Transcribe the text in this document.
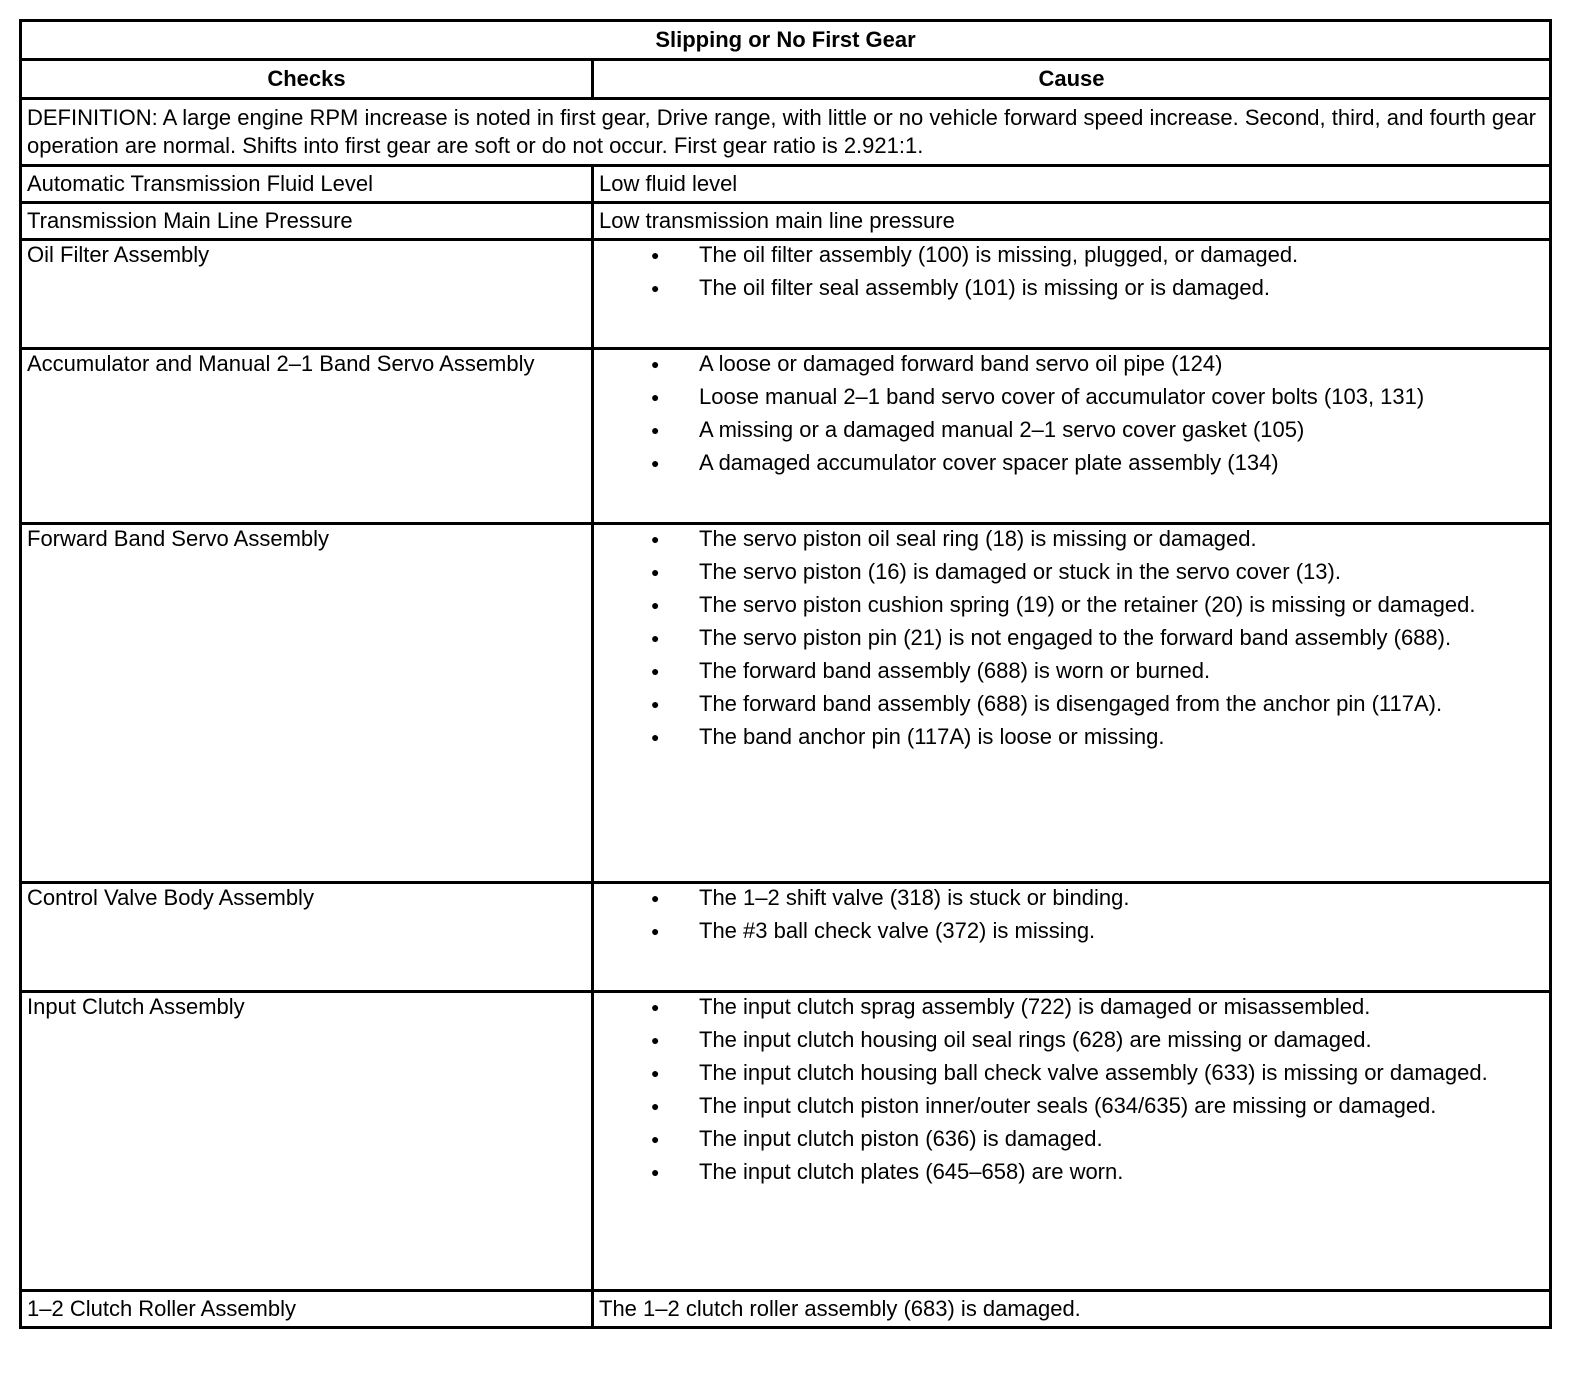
Slipping or No First Gear	
Checks	Cause
DEFINITION: A large engine RPM increase is noted in first gear, Drive range, with little or no vehicle forward speed increase. Second, third, and fourth gear operation are normal. Shifts into first gear are soft or do not occur. First gear ratio is 2.921:1.	
Automatic Transmission Fluid Level	Low fluid level
Transmission Main Line Pressure	Low transmission main line pressure
Oil Filter Assembly	
●The oil filter assembly (100) is missing, plugged, or damaged.
● The oil filter seal assembly (101) is missing or is damaged.

Accumulator and Manual 2–1 Band Servo Assembly	
●A loose or damaged forward band servo oil pipe (124)
● Loose manual 2–1 band servo cover of accumulator cover bolts (103, 131)
● A missing or a damaged manual 2–1 servo cover gasket (105)
● A damaged accumulator cover spacer plate assembly (134)

Forward Band Servo Assembly	
●The servo piston oil seal ring (18) is missing or damaged.
● The servo piston (16) is damaged or stuck in the servo cover (13).
● The servo piston cushion spring (19) or the retainer (20) is missing or damaged.
● The servo piston pin (21) is not engaged to the forward band assembly (688).
● The forward band assembly (688) is worn or burned.
● The forward band assembly (688) is disengaged from the anchor pin (117A).
● The band anchor pin (117A) is loose or missing.

Control Valve Body Assembly	
●The 1–2 shift valve (318) is stuck or binding.
● The #3 ball check valve (372) is missing.

Input Clutch Assembly	
●The input clutch sprag assembly (722) is damaged or misassembled.
● The input clutch housing oil seal rings (628) are missing or damaged.
● The input clutch housing ball check valve assembly (633) is missing or damaged.
● The input clutch piston inner/outer seals (634/635) are missing or damaged.
● The input clutch piston (636) is damaged.
● The input clutch plates (645–658) are worn.

1–2 Clutch Roller Assembly	The 1–2 clutch roller assembly (683) is damaged.
